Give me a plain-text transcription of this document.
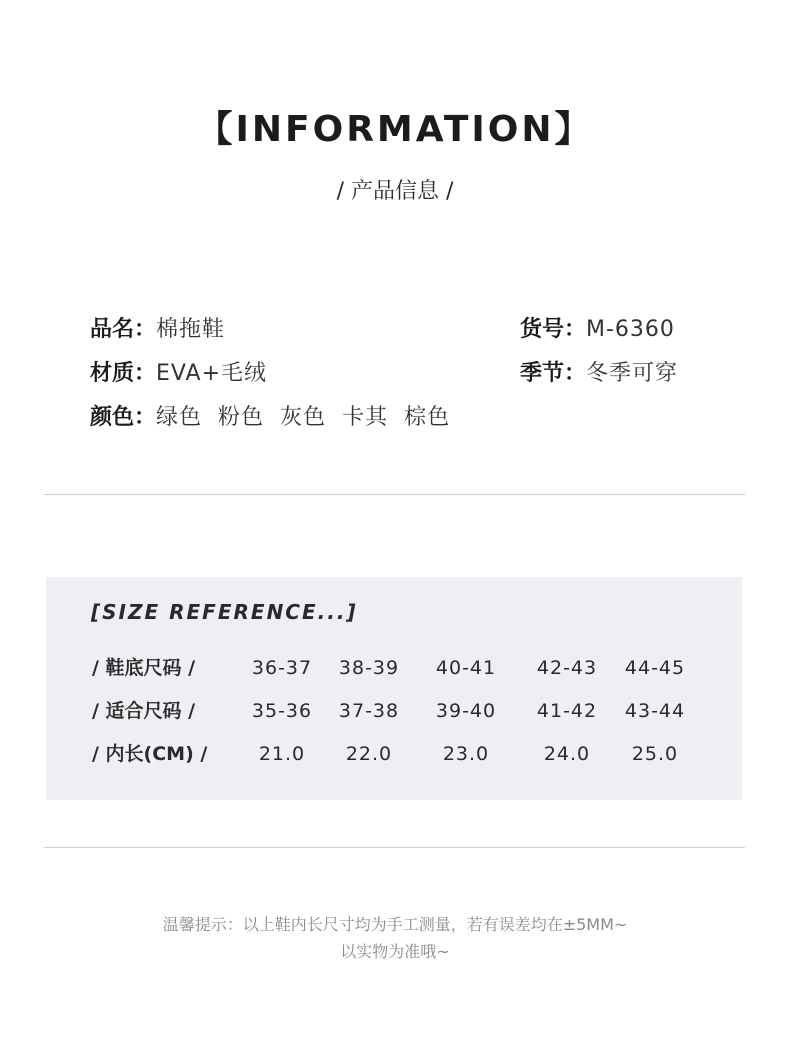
【INFORMATION】
/ 产品信息 /
品名：棉拖鞋	货号：M-6360
材质：EVA+毛绒	季节：冬季可穿
颜色：绿色 粉色 灰色 卡其 棕色
[SIZE REFERENCE...]
/ 鞋底尺码 /	36-37	38-39	40-41	42-43	44-45
/ 适合尺码 /	35-36	37-38	39-40	41-42	43-44
/ 内长(CM) /	21.0	22.0	23.0	24.0	25.0
温馨提示：以上鞋内长尺寸均为手工测量，若有误差均在±5MM~
以实物为准哦~
